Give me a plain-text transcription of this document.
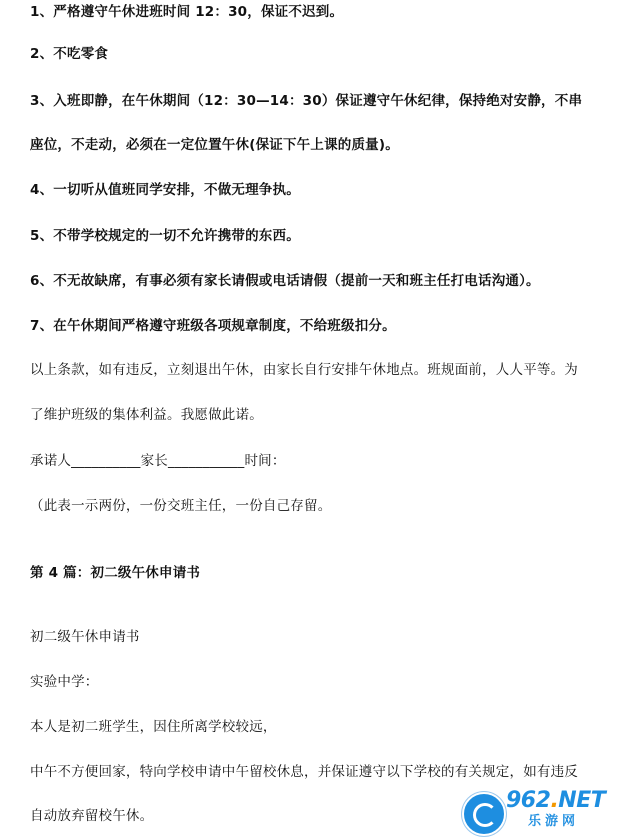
1、严格遵守午休进班时间 12：30，保证不迟到。
2、不吃零食
3、入班即静，在午休期间（12：30—14：30）保证遵守午休纪律，保持绝对安静，不串
座位，不走动，必须在一定位置午休(保证下午上课的质量)。
4、一切听从值班同学安排，不做无理争执。
5、不带学校规定的一切不允许携带的东西。
6、不无故缺席，有事必须有家长请假或电话请假（提前一天和班主任打电话沟通）。
7、在午休期间严格遵守班级各项规章制度，不给班级扣分。
以上条款，如有违反，立刻退出午休，由家长自行安排午休地点。班规面前，人人平等。为
了维护班级的集体利益。我愿做此诺。
承诺人__________家长___________时间：
（此表一示两份，一份交班主任，一份自己存留。
第 4 篇：初二级午休申请书
初二级午休申请书
实验中学：
本人是初二班学生，因住所离学校较远，
中午不方便回家，特向学校申请中午留校休息，并保证遵守以下学校的有关规定，如有违反
自动放弃留校午休。
962.NET
乐游网
